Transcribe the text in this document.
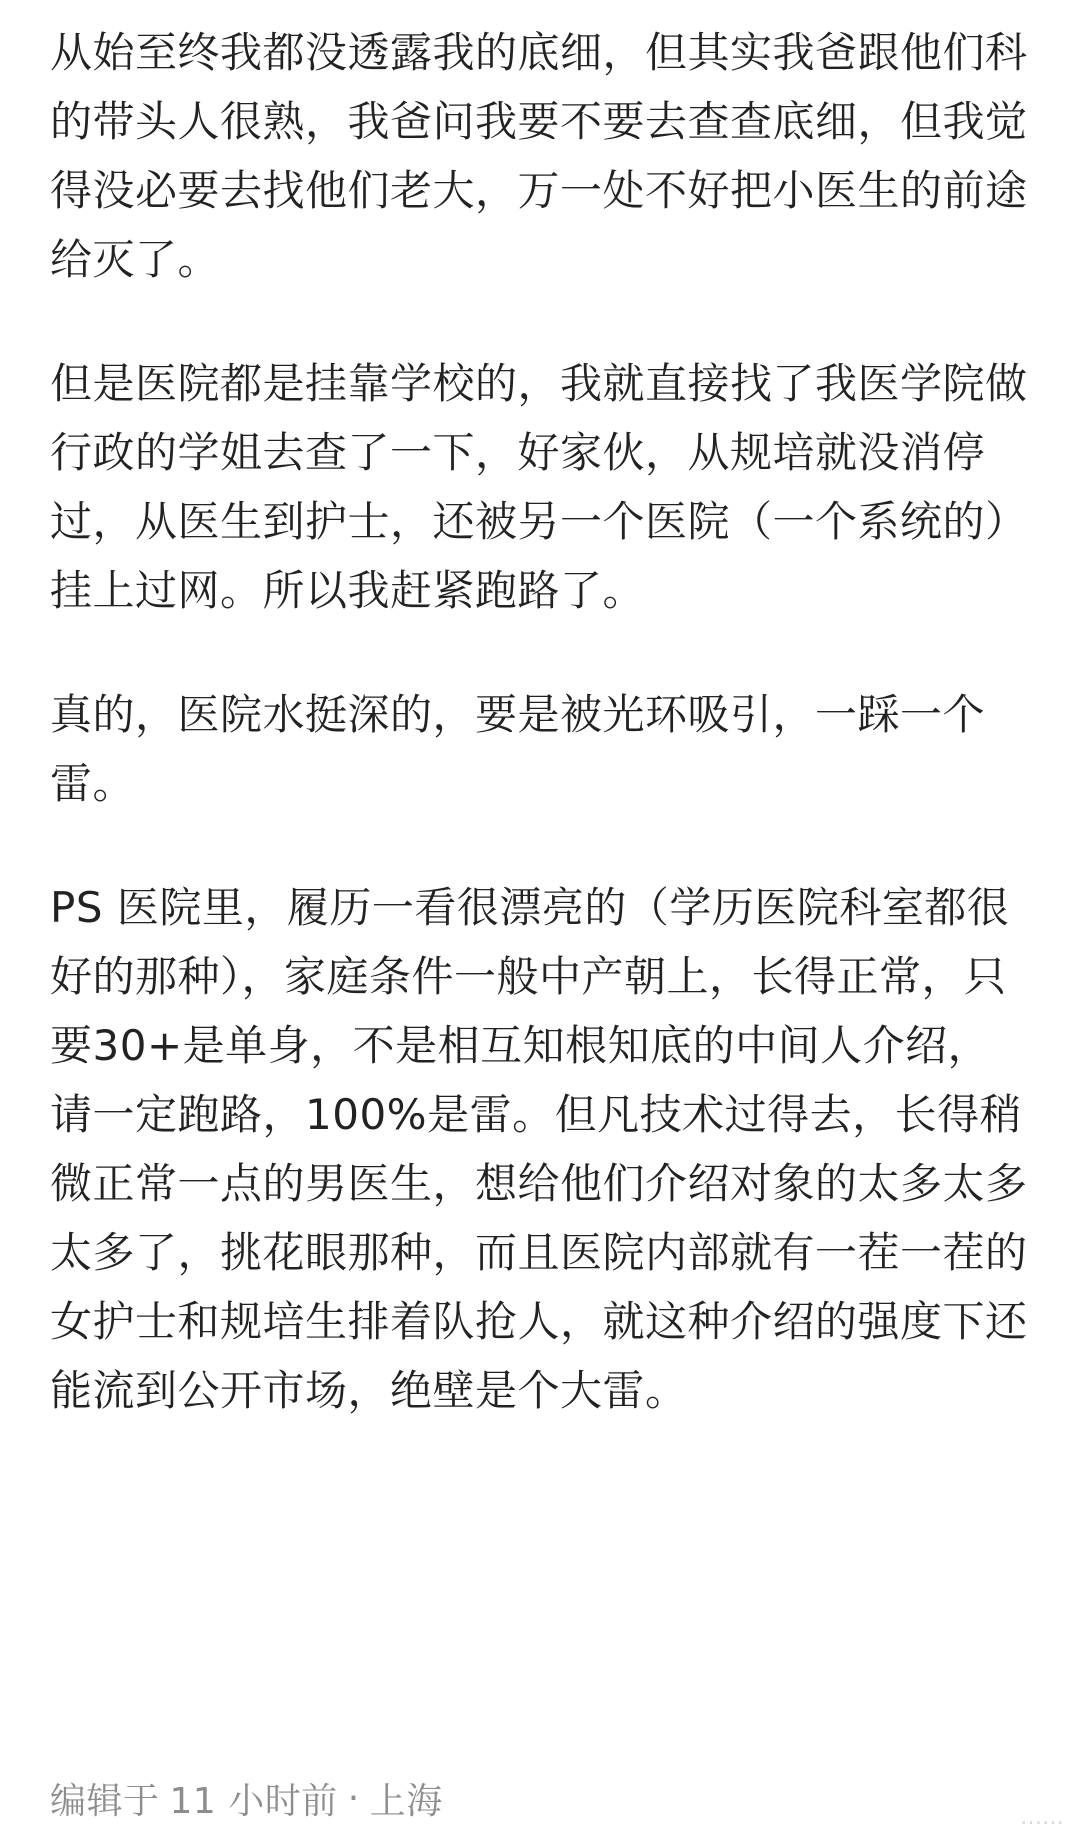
从始至终我都没透露我的底细，但其实我爸跟他们科的带头人很熟，我爸问我要不要去查查底细，但我觉得没必要去找他们老大，万一处不好把小医生的前途给灭了。

但是医院都是挂靠学校的，我就直接找了我医学院做行政的学姐去查了一下，好家伙，从规培就没消停过，从医生到护士，还被另一个医院（一个系统的）挂上过网。所以我赶紧跑路了。

真的，医院水挺深的，要是被光环吸引，一踩一个雷。

PS 医院里，履历一看很漂亮的（学历医院科室都很好的那种），家庭条件一般中产朝上，长得正常，只要30+是单身，不是相互知根知底的中间人介绍，请一定跑路，100%是雷。但凡技术过得去，长得稍微正常一点的男医生，想给他们介绍对象的太多太多太多了，挑花眼那种，而且医院内部就有一茬一茬的女护士和规培生排着队抢人，就这种介绍的强度下还能流到公开市场，绝壁是个大雷。

编辑于 11 小时前 · 上海	……
